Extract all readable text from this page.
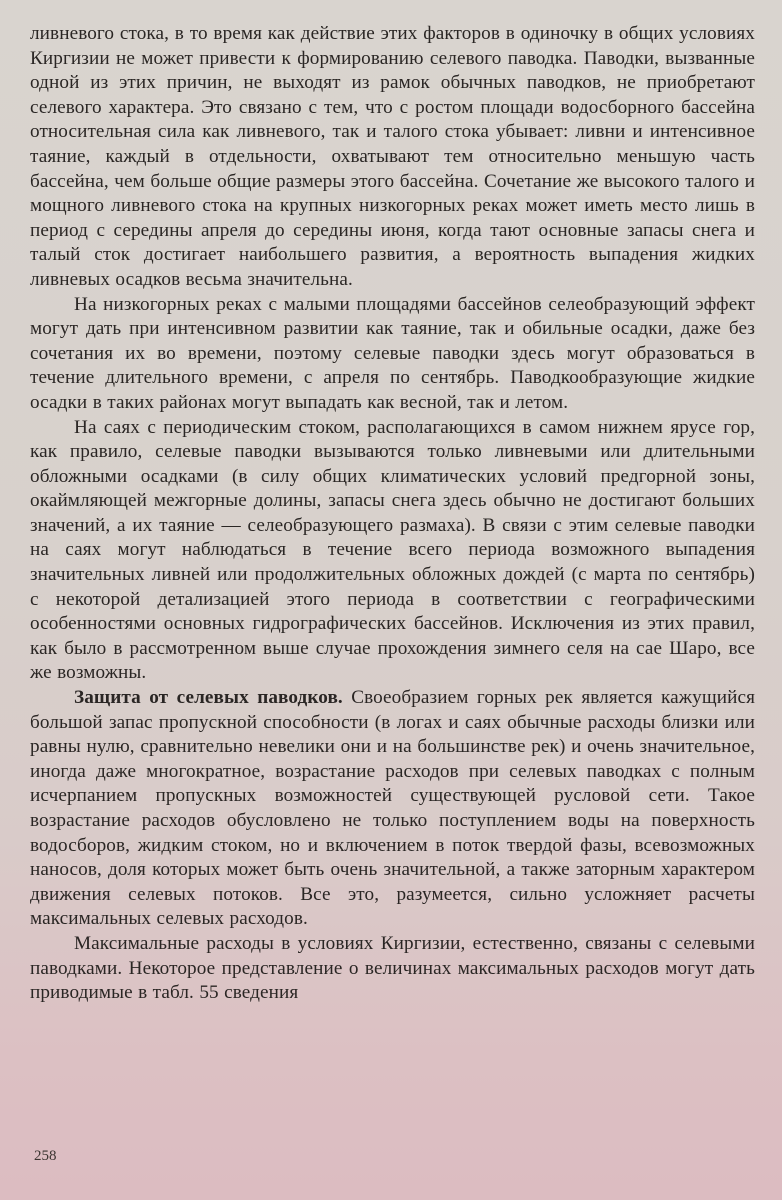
ливневого стока, в то время как действие этих факторов в одиночку в общих условиях Киргизии не может привести к формированию селевого паводка. Паводки, вызванные одной из этих причин, не выходят из рамок обычных паводков, не приобретают селевого характера. Это связано с тем, что с ростом площади водосборного бассейна относительная сила как ливневого, так и талого стока убывает: ливни и интенсивное таяние, каждый в отдельности, охватывают тем относительно меньшую часть бассейна, чем больше общие размеры этого бассейна. Сочетание же высокого талого и мощного ливневого стока на крупных низкогорных реках может иметь место лишь в период с середины апреля до середины июня, когда тают основные запасы снега и талый сток достигает наибольшего развития, а вероятность выпадения жидких ливневых осадков весьма значительна.

На низкогорных реках с малыми площадями бассейнов селеобразующий эффект могут дать при интенсивном развитии как таяние, так и обильные осадки, даже без сочетания их во времени, поэтому селевые паводки здесь могут образоваться в течение длительного времени, с апреля по сентябрь. Паводкообразующие жидкие осадки в таких районах могут выпадать как весной, так и летом.

На саях с периодическим стоком, располагающихся в самом нижнем ярусе гор, как правило, селевые паводки вызываются только ливневыми или длительными обложными осадками (в силу общих климатических условий предгорной зоны, окаймляющей межгорные долины, запасы снега здесь обычно не достигают больших значений, а их таяние — селеобразующего размаха). В связи с этим селевые паводки на саях могут наблюдаться в течение всего периода возможного выпадения значительных ливней или продолжительных обложных дождей (с марта по сентябрь) с некоторой детализацией этого периода в соответствии с географическими особенностями основных гидрографических бассейнов. Исключения из этих правил, как было в рассмотренном выше случае прохождения зимнего селя на сае Шаро, все же возможны.

Защита от селевых паводков. Своеобразием горных рек является кажущийся большой запас пропускной способности (в логах и саях обычные расходы близки или равны нулю, сравнительно невелики они и на большинстве рек) и очень значительное, иногда даже многократное, возрастание расходов при селевых паводках с полным исчерпанием пропускных возможностей существующей русловой сети. Такое возрастание расходов обусловлено не только поступлением воды на поверхность водосборов, жидким стоком, но и включением в поток твердой фазы, всевозможных наносов, доля которых может быть очень значительной, а также заторным характером движения селевых потоков. Все это, разумеется, сильно усложняет расчеты максимальных селевых расходов.

Максимальные расходы в условиях Киргизии, естественно, связаны с селевыми паводками. Некоторое представление о величинах максимальных расходов могут дать приводимые в табл. 55 сведения

258
